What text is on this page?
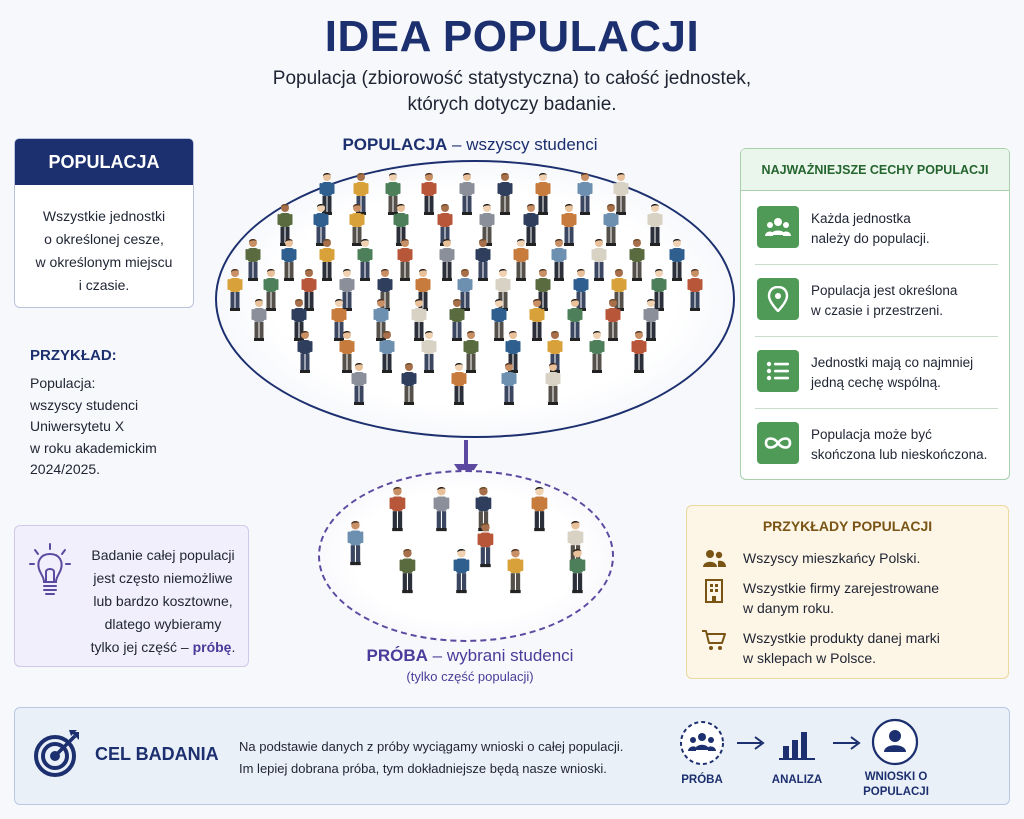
IDEA POPULACJI
Populacja (zbiorowość statystyczna) to całość jednostek,
których dotyczy badanie.
POPULACJA
Wszystkie jednostki
o określonej cesze,
w określonym miejscu
i czasie.
PRZYKŁAD:
Populacja:
wszyscy studenci
Uniwersytetu X
w roku akademickim
2024/2025.
Badanie całej populacji
jest często niemożliwe
lub bardzo kosztowne,
dlatego wybieramy
tylko jej część – próbę.
POPULACJA – wszyscy studenci
PRÓBA – wybrani studenci
(tylko część populacji)
NAJWAŻNIEJSZE CECHY POPULACJI
Każda jednostka
należy do populacji.
Populacja jest określona
w czasie i przestrzeni.
Jednostki mają co najmniej
jedną cechę wspólną.
Populacja może być
skończona lub nieskończona.
PRZYKŁADY POPULACJI
Wszyscy mieszkańcy Polski.
Wszystkie firmy zarejestrowane
w danym roku.
Wszystkie produkty danej marki
w sklepach w Polsce.
CEL BADANIA Na podstawie danych z próby wyciągamy wnioski o całej populacji.
Im lepiej dobrana próba, tym dokładniejsze będą nasze wnioski.
PRÓBA	ANALIZA	WNIOSKI O
POPULACJI
